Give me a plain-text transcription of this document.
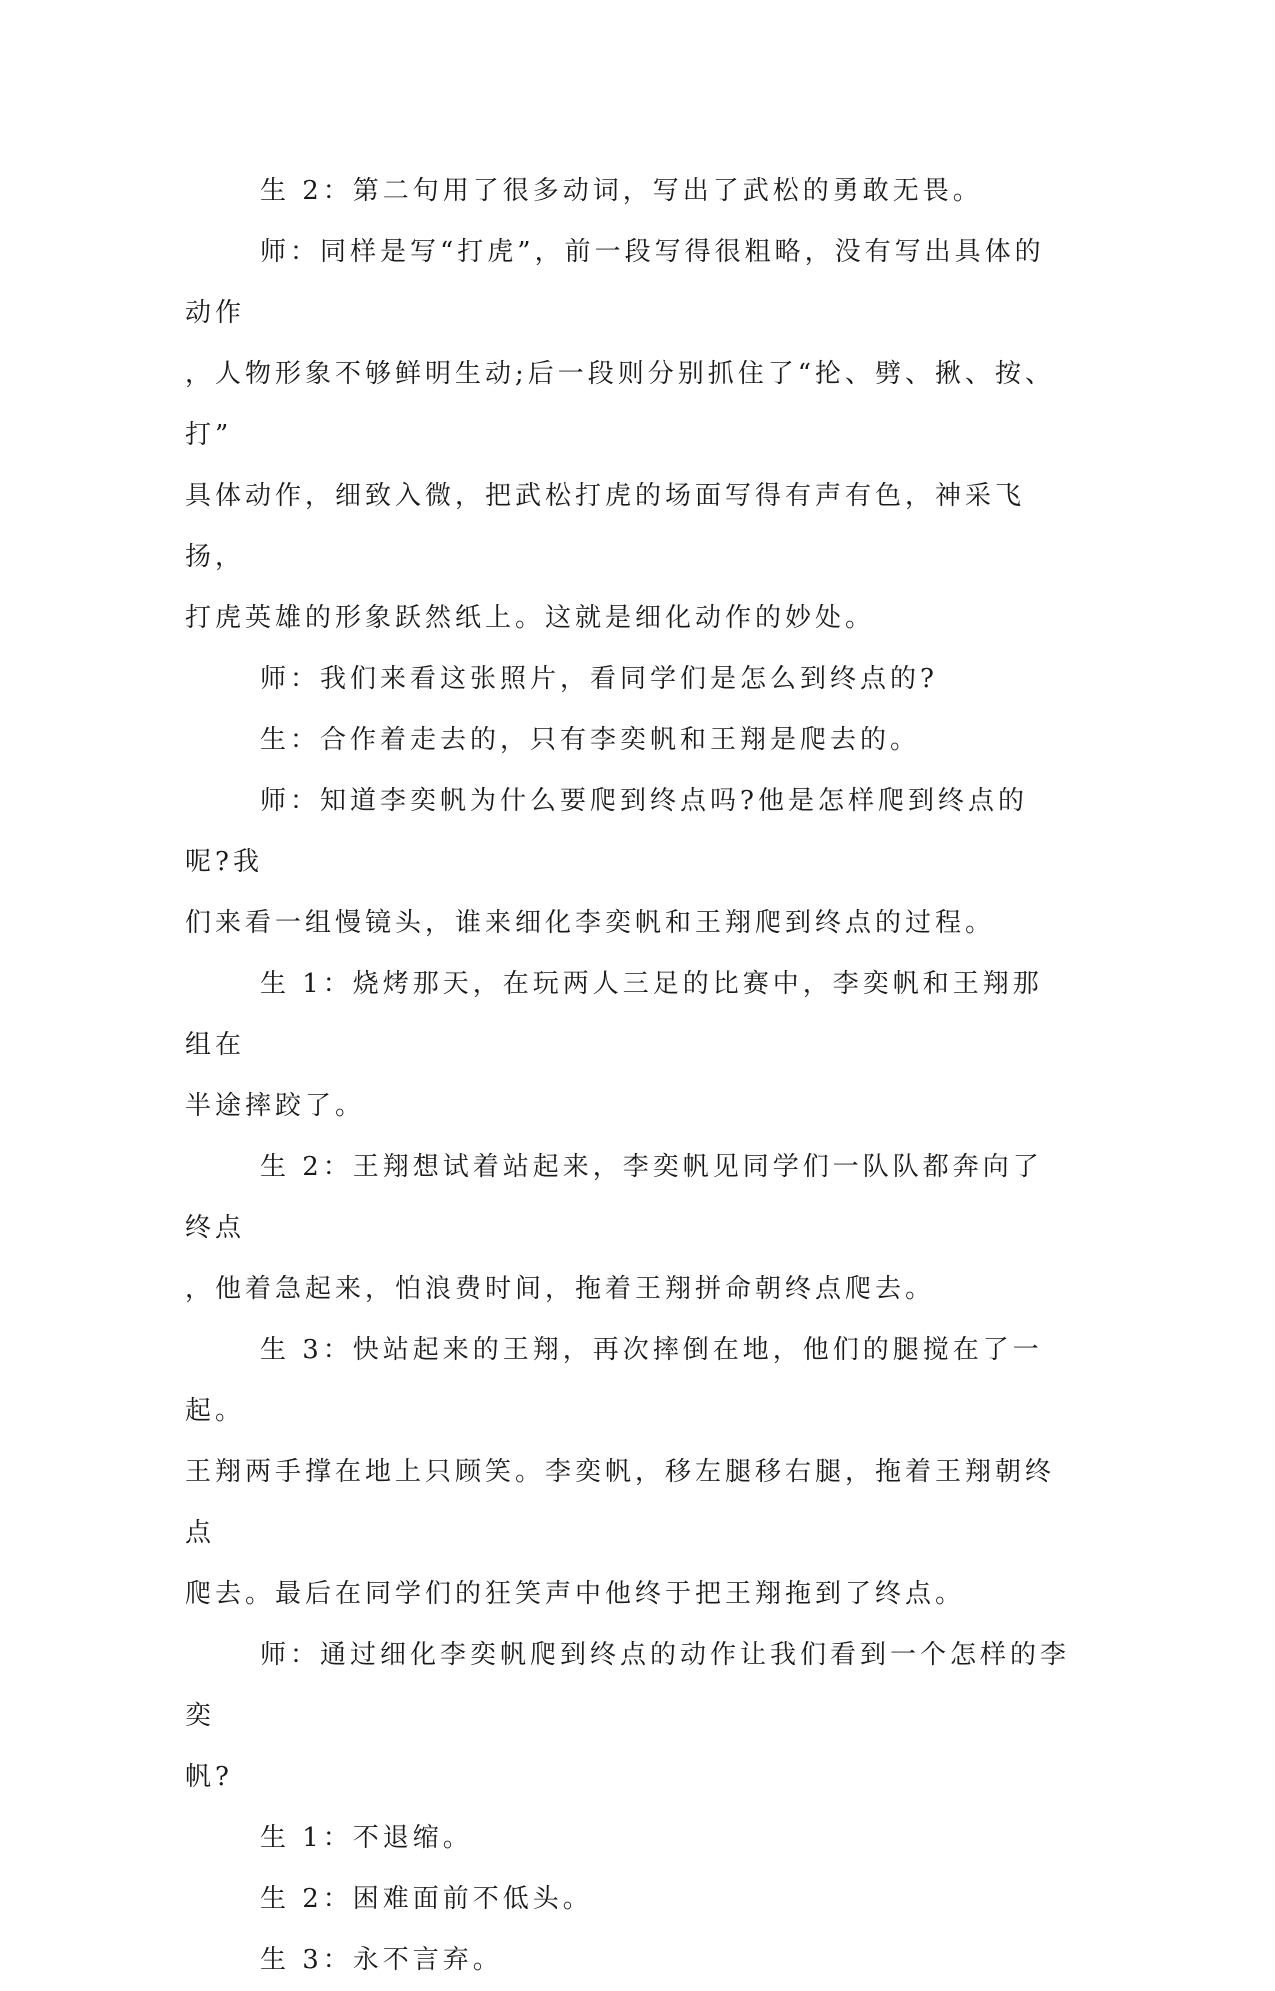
生 2：第二句用了很多动词，写出了武松的勇敢无畏。

师：同样是写“打虎”，前一段写得很粗略，没有写出具体的动作
，人物形象不够鲜明生动;后一段则分别抓住了“抡、劈、揪、按、打”
具体动作，细致入微，把武松打虎的场面写得有声有色，神采飞扬，
打虎英雄的形象跃然纸上。这就是细化动作的妙处。

师：我们来看这张照片，看同学们是怎么到终点的?

生：合作着走去的，只有李奕帆和王翔是爬去的。

师：知道李奕帆为什么要爬到终点吗?他是怎样爬到终点的呢?我
们来看一组慢镜头，谁来细化李奕帆和王翔爬到终点的过程。

生 1：烧烤那天，在玩两人三足的比赛中，李奕帆和王翔那组在
半途摔跤了。

生 2：王翔想试着站起来，李奕帆见同学们一队队都奔向了终点
，他着急起来，怕浪费时间，拖着王翔拼命朝终点爬去。

生 3：快站起来的王翔，再次摔倒在地，他们的腿搅在了一起。
王翔两手撑在地上只顾笑。李奕帆，移左腿移右腿，拖着王翔朝终点
爬去。最后在同学们的狂笑声中他终于把王翔拖到了终点。

师：通过细化李奕帆爬到终点的动作让我们看到一个怎样的李奕
帆?

生 1：不退缩。

生 2：困难面前不低头。

生 3：永不言弃。
